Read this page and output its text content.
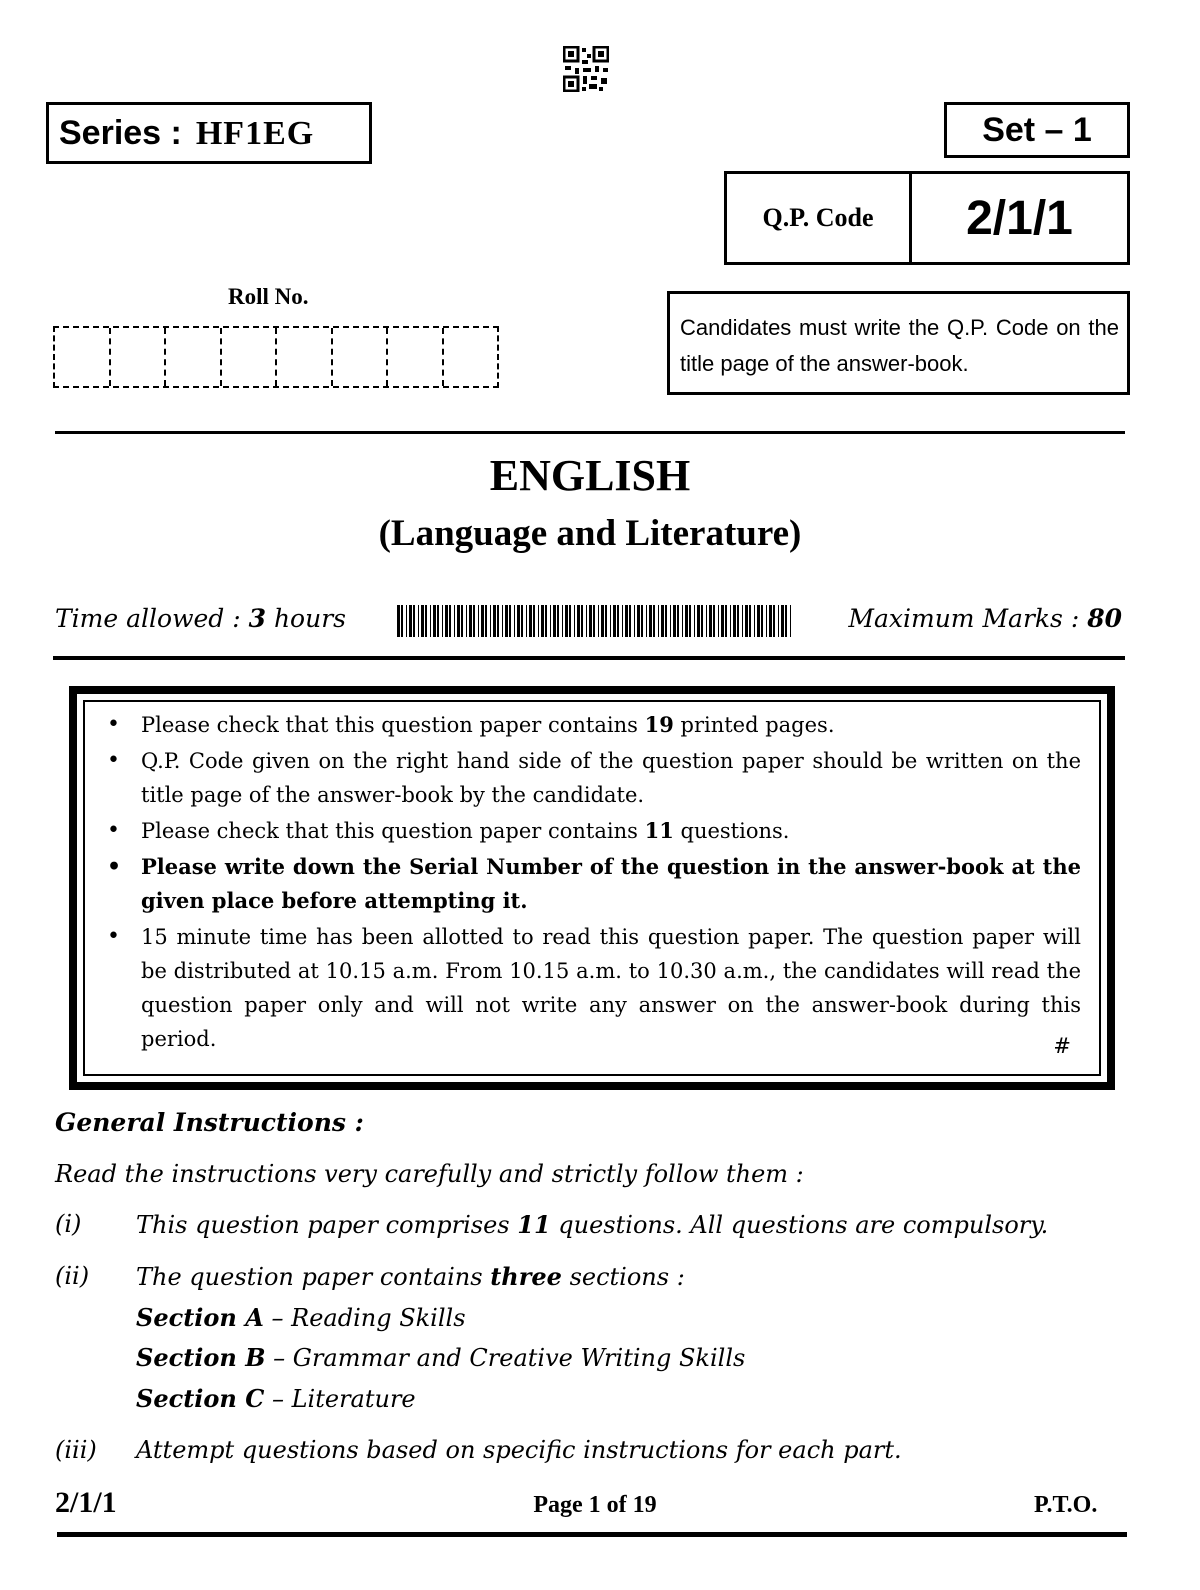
Series : HF1EG	Set – 1
Q.P. Code	2/1/1
Roll No.
Candidates must write the Q.P. Code on the title page of the answer-book.
ENGLISH
(Language and Literature)
Time allowed : 3 hours	Maximum Marks : 80
• Please check that this question paper contains 19 printed pages.
• Q.P. Code given on the right hand side of the question paper should be written on the title page of the answer-book by the candidate.
• Please check that this question paper contains 11 questions.
• Please write down the Serial Number of the question in the answer-book at the given place before attempting it.
• 15 minute time has been allotted to read this question paper. The question paper will be distributed at 10.15 a.m. From 10.15 a.m. to 10.30 a.m., the candidates will read the question paper only and will not write any answer on the answer-book during this period.	#
General Instructions :
Read the instructions very carefully and strictly follow them :
(i) This question paper comprises 11 questions. All questions are compulsory.
(ii) The question paper contains three sections :
Section A – Reading Skills
Section B – Grammar and Creative Writing Skills
Section C – Literature
(iii) Attempt questions based on specific instructions for each part.
2/1/1	Page 1 of 19	P.T.O.
